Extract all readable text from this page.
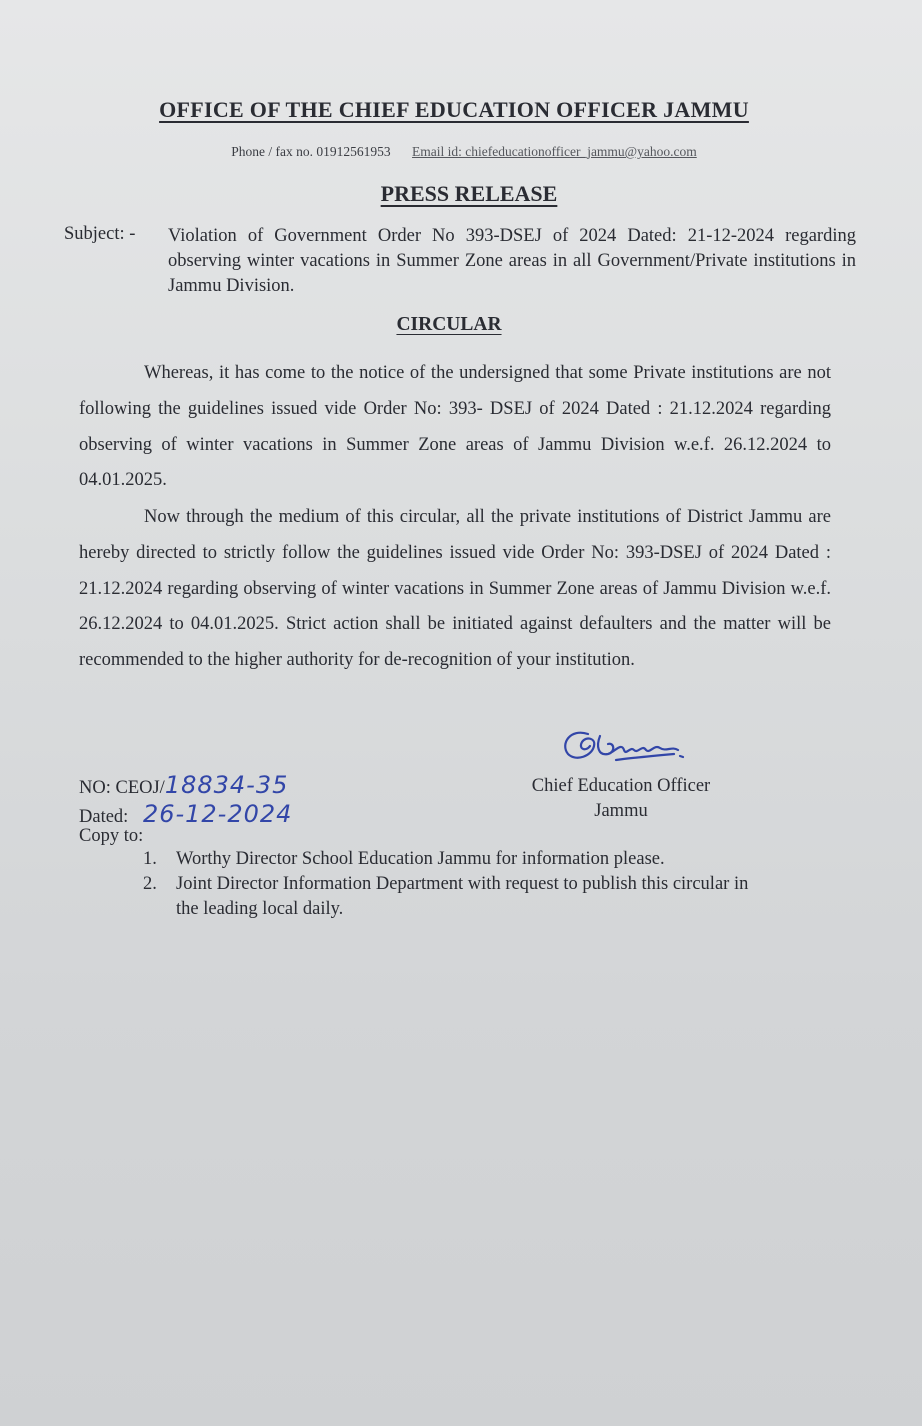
OFFICE OF THE CHIEF EDUCATION OFFICER JAMMU
Phone / fax no. 01912561953 Email id: chiefeducationofficer_jammu@yahoo.com
PRESS RELEASE
Subject: - Violation of Government Order No 393-DSEJ of 2024 Dated: 21-12-2024 regarding observing winter vacations in Summer Zone areas in all Government/Private institutions in Jammu Division.
CIRCULAR
Whereas, it has come to the notice of the undersigned that some Private institutions are not following the guidelines issued vide Order No: 393- DSEJ of 2024 Dated : 21.12.2024 regarding observing of winter vacations in Summer Zone areas of Jammu Division w.e.f. 26.12.2024 to 04.01.2025.
Now through the medium of this circular, all the private institutions of District Jammu are hereby directed to strictly follow the guidelines issued vide Order No: 393-DSEJ of 2024 Dated : 21.12.2024 regarding observing of winter vacations in Summer Zone areas of Jammu Division w.e.f. 26.12.2024 to 04.01.2025. Strict action shall be initiated against defaulters and the matter will be recommended to the higher authority for de-recognition of your institution.
Chief Education Officer
Jammu
NO: CEOJ/18834-35
Dated: 26-12-2024
Copy to:
1. Worthy Director School Education Jammu for information please.
2. Joint Director Information Department with request to publish this circular in
the leading local daily.
